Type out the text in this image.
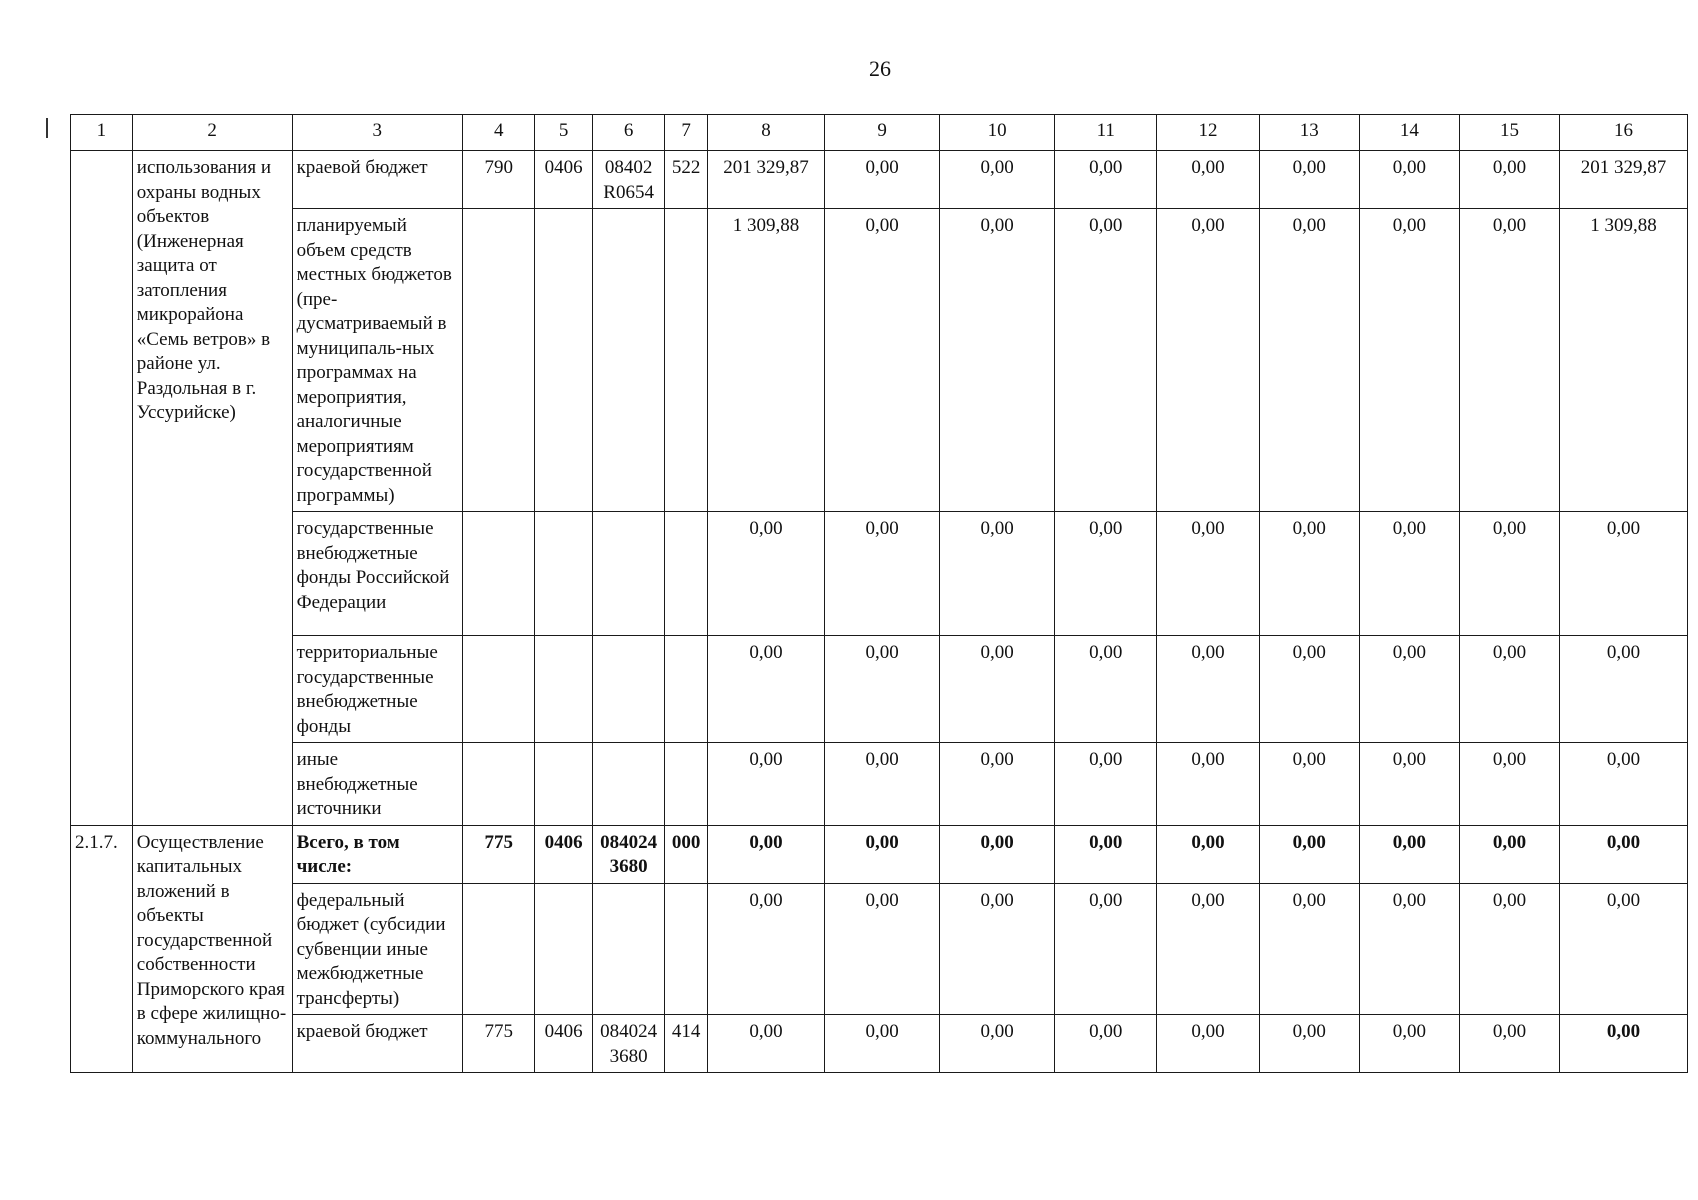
26
1	2	3	4	5	6	7	8	9	10	11	12	13	14	15	16
	использования и охраны водных объектов (Инженерная защита от затопления микрорайона «Семь ветров» в районе ул. Раздольная в г. Уссурийске)	краевой бюджет	790	0406	08402 R0654	522	201 329,87	0,00	0,00	0,00	0,00	0,00	0,00	0,00	201 329,87
		планируемый объем средств местных бюджетов (пре-дусматриваемый в муниципаль-ных программах на мероприятия, аналогичные мероприятиям государственной программы)					1 309,88	0,00	0,00	0,00	0,00	0,00	0,00	0,00	1 309,88
		государственные внебюджетные фонды Российской Федерации					0,00	0,00	0,00	0,00	0,00	0,00	0,00	0,00	0,00
		территориальные государственные внебюджетные фонды					0,00	0,00	0,00	0,00	0,00	0,00	0,00	0,00	0,00
		иные внебюджетные источники					0,00	0,00	0,00	0,00	0,00	0,00	0,00	0,00	0,00
2.1.7.	Осуществление капитальных вложений в объекты государственной собственности Приморского края в сфере жилищно-коммунального	Всего, в том числе:	775	0406	084024 3680	000	0,00	0,00	0,00	0,00	0,00	0,00	0,00	0,00	0,00
		федеральный бюджет (субсидии субвенции иные межбюджетные трансферты)					0,00	0,00	0,00	0,00	0,00	0,00	0,00	0,00	0,00
		краевой бюджет	775	0406	084024 3680	414	0,00	0,00	0,00	0,00	0,00	0,00	0,00	0,00	0,00
